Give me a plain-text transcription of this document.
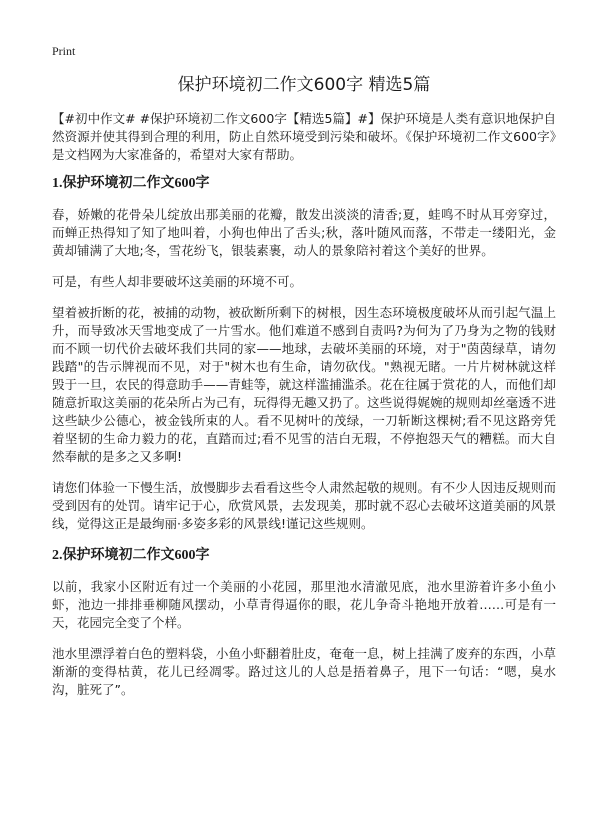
Print
保护环境初二作文600字 精选5篇
【#初中作文# #保护环境初二作文600字【精选5篇】#】保护环境是人类有意识地保护自然资源并使其得到合理的利用，防止自然环境受到污染和破坏。《保护环境初二作文600字》是文档网为大家准备的，希望对大家有帮助。
1.保护环境初二作文600字
春，娇嫩的花骨朵儿绽放出那美丽的花瓣，散发出淡淡的清香;夏，蛙鸣不时从耳旁穿过，而蝉正热得知了知了地叫着，小狗也伸出了舌头;秋，落叶随风而落，不带走一缕阳光，金黄却铺满了大地;冬，雪花纷飞，银装素裹，动人的景象陪衬着这个美好的世界。
可是，有些人却非要破坏这美丽的环境不可。
望着被折断的花，被捕的动物，被砍断所剩下的树根，因生态环境极度破坏从而引起气温上升，而导致冰天雪地变成了一片雪水。他们难道不感到自责吗?为何为了乃身为之物的钱财而不顾一切代价去破坏我们共同的家——地球，去破坏美丽的环境，对于"茵茵绿草，请勿践踏"的告示牌视而不见，对于"树木也有生命，请勿砍伐。"熟视无睹。一片片树林就这样毁于一旦，农民的得意助手——青蛙等，就这样滥捕滥杀。花在往属于赏花的人，而他们却随意折取这美丽的花朵所占为己有，玩得得无趣又扔了。这些说得娓婉的规则却丝毫透不进这些缺少公德心，被金钱所束的人。看不见树叶的茂绿，一刀斩断这棵树;看不见这路旁凭着坚韧的生命力毅力的花，直踏而过;看不见雪的洁白无瑕，不停抱怨天气的糟糕。而大自然奉献的是多之又多啊!
请您们体验一下慢生活，放慢脚步去看看这些令人肃然起敬的规则。有不少人因违反规则而受到因有的处罚。请牢记于心，欣赏风景，去发现美，那时就不忍心去破坏这道美丽的风景线，觉得这正是最绚丽·多姿多彩的风景线!谨记这些规则。
2.保护环境初二作文600字
以前，我家小区附近有过一个美丽的小花园，那里池水清澈见底，池水里游着许多小鱼小虾，池边一排排垂柳随风摆动，小草青得逼你的眼，花儿争奇斗艳地开放着……可是有一天，花园完全变了个样。
池水里漂浮着白色的塑料袋，小鱼小虾翻着肚皮，奄奄一息，树上挂满了废弃的东西，小草渐渐的变得枯黄，花儿已经凋零。路过这儿的人总是捂着鼻子，甩下一句话：“嗯，臭水沟，脏死了”。
